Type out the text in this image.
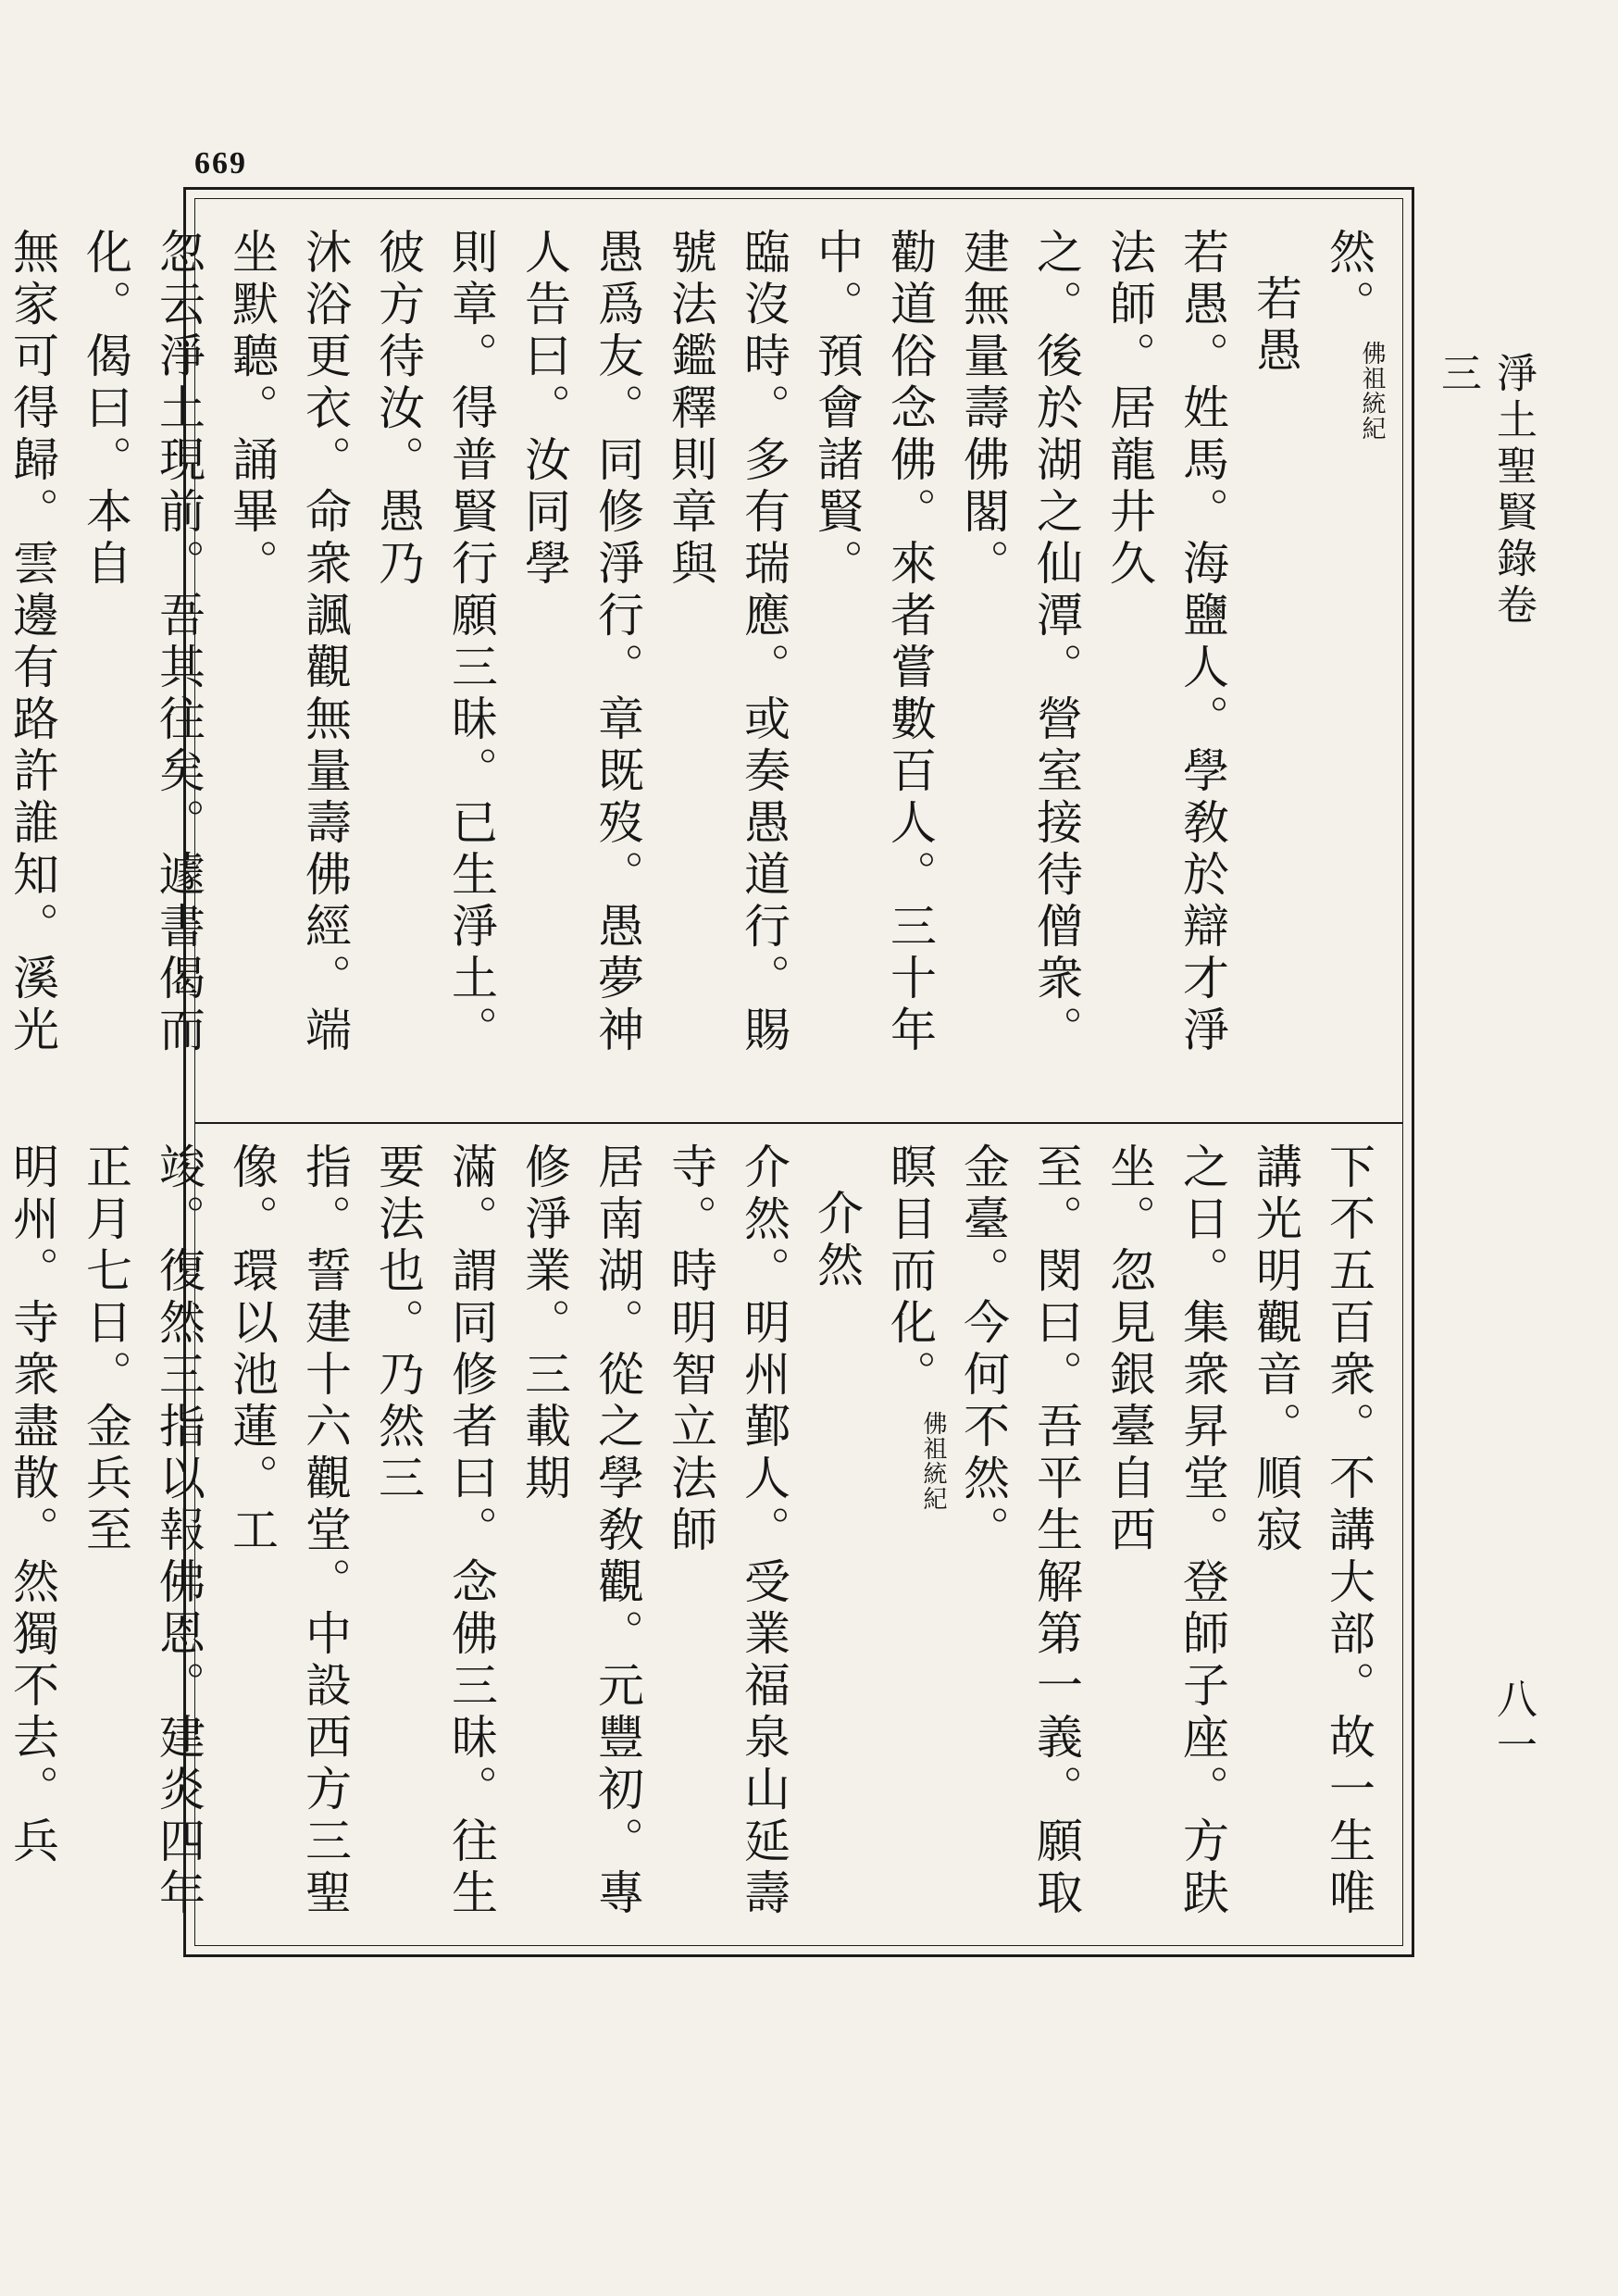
669
淨土聖賢錄卷三
八一
然。佛祖統紀
若愚
若愚。姓馬。海鹽人。學敎於辯才淨法師。居龍井久
之。後於湖之仙潭。營室接待僧衆。建無量壽佛閣。
勸道俗念佛。來者嘗數百人。三十年中。預會諸賢。
臨沒時。多有瑞應。或奏愚道行。賜號法鑑釋則章與
愚爲友。同修淨行。章既歿。愚夢神人告曰。汝同學
則章。得普賢行願三昧。已生淨土。彼方待汝。愚乃
沐浴更衣。命衆諷觀無量壽佛經。端坐默聽。誦畢。
忽云淨土現前。吾其往矣。遽書偈而化。偈曰。本自
無家可得歸。雲邊有路許誰知。溪光
下不五百衆。不講大部。故一生唯講光明觀音。順寂
之日。集衆昇堂。登師子座。方趺坐。忽見銀臺自西
至。閔曰。吾平生解第一義。願取金臺。今何不然。
瞑目而化。佛祖統紀
介然
介然。明州鄞人。受業福泉山延壽寺。時明智立法師
居南湖。從之學敎觀。元豐初。專修淨業。三載期
滿。謂同修者曰。念佛三昧。往生要法也。乃然三
指。誓建十六觀堂。中設西方三聖像。環以池蓮。工
竣。復然三指以報佛恩。建炎四年正月七日。金兵至
明州。寺衆盡散。然獨不去。兵
